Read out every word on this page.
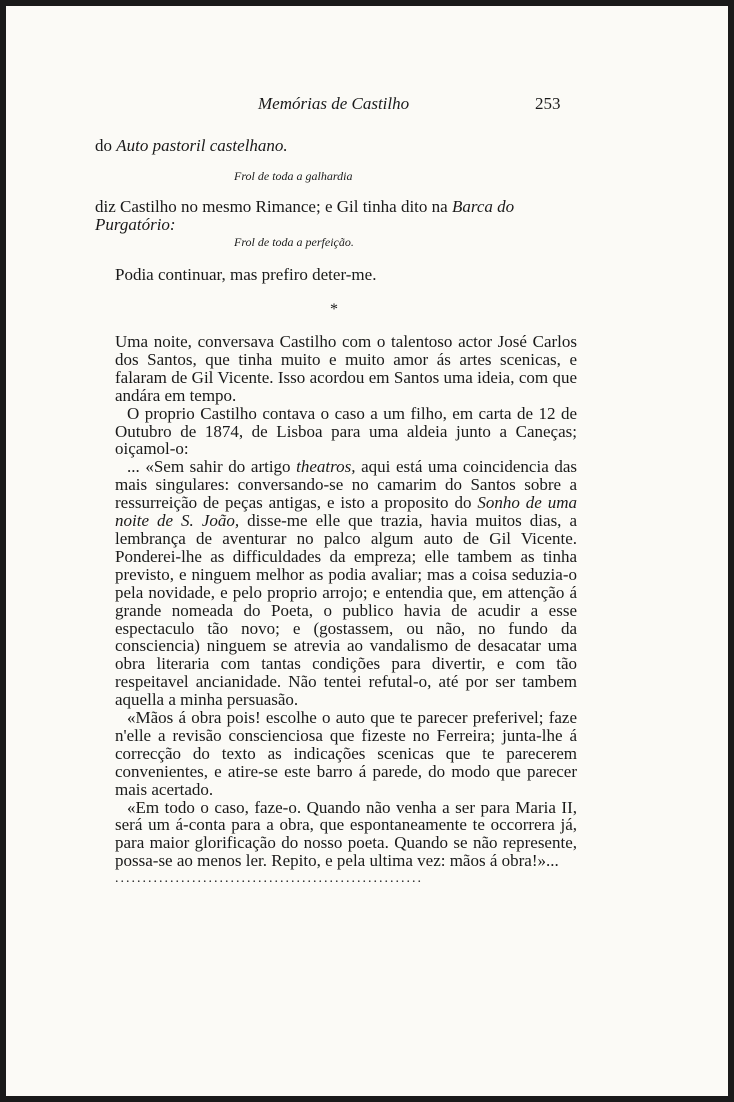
Memórias de Castilho	253
do Auto pastoril castelhano.
Frol de toda a galhardia
diz Castilho no mesmo Rimance; e Gil tinha dito na Barca do
Purgatório:
Frol de toda a perfeição.
Podia continuar, mas prefiro deter-me.
*

Uma noite, conversava Castilho com o talentoso actor José Carlos dos Santos, que tinha muito e muito amor ás artes scenicas, e falaram de Gil Vicente. Isso acordou em Santos uma ideia, com que andára em tempo.

O proprio Castilho contava o caso a um filho, em carta de 12 de Outubro de 1874, de Lisboa para uma aldeia junto a Caneças; oiçamol-o:

... «Sem sahir do artigo theatros, aqui está uma coincidencia das mais singulares: conversando-se no camarim do Santos sobre a ressurreição de peças antigas, e isto a proposito do Sonho de uma noite de S. João, disse-me elle que trazia, havia muitos dias, a lembrança de aventurar no palco algum auto de Gil Vicente. Ponderei-lhe as difficuldades da empreza; elle tambem as tinha previsto, e ninguem melhor as podia avaliar; mas a coisa seduzia-o pela novidade, e pelo proprio arrojo; e entendia que, em attenção á grande nomeada do Poeta, o publico havia de acudir a esse espectaculo tão novo; e (gostassem, ou não, no fundo da consciencia) ninguem se atrevia ao vandalismo de desacatar uma obra literaria com tantas condições para divertir, e com tão respeitavel ancianidade. Não tentei refutal-o, até por ser tambem aquella a minha persuasão.

«Mãos á obra pois! escolhe o auto que te parecer preferivel; faze n'elle a revisão conscienciosa que fizeste no Ferreira; junta-lhe á correcção do texto as indicações scenicas que te parecerem convenientes, e atire-se este barro á parede, do modo que parecer mais acertado.

«Em todo o caso, faze-o. Quando não venha a ser para Maria II, será um á-conta para a obra, que espontaneamente te occorrera já, para maior glorificação do nosso poeta. Quando se não represente, possa-se ao menos ler. Repito, e pela ultima vez: mãos á obra!»...

........................................................
